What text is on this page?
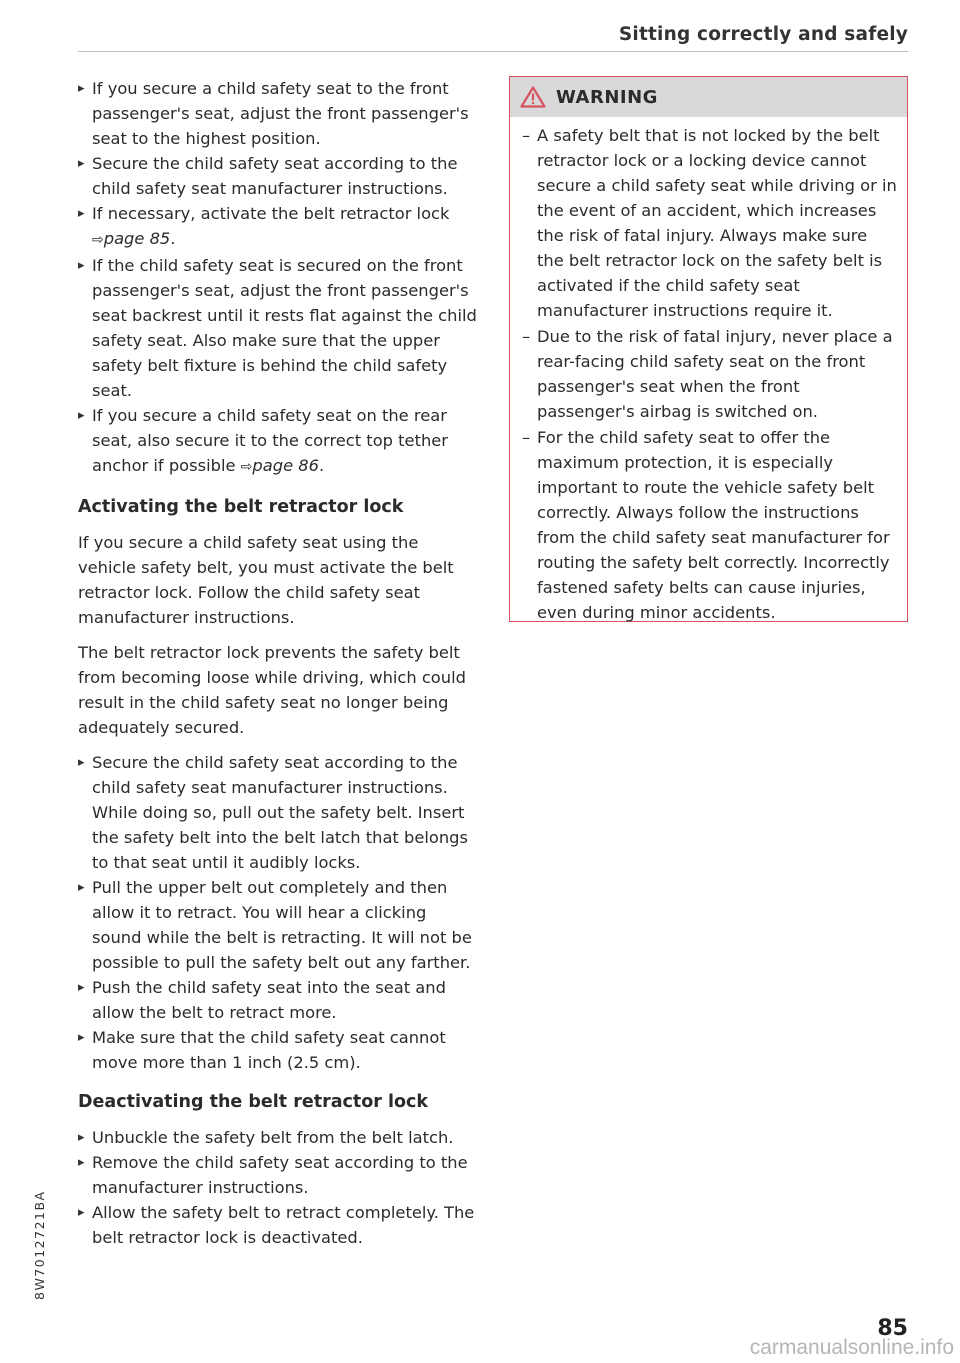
Sitting correctly and safely
▸ If you secure a child safety seat to the front passenger's seat, adjust the front passenger's seat to the highest position.
▸ Secure the child safety seat according to the child safety seat manufacturer instructions.
▸ If necessary, activate the belt retractor lock
⇨page 85.
▸ If the child safety seat is secured on the front passenger's seat, adjust the front passenger's seat backrest until it rests flat against the child safety seat. Also make sure that the upper safety belt fixture is behind the child safety seat.
▸ If you secure a child safety seat on the rear seat, also secure it to the correct top tether anchor if possible ⇨page 86.
Activating the belt retractor lock

If you secure a child safety seat using the vehicle safety belt, you must activate the belt retractor lock. Follow the child safety seat manufacturer instructions.

The belt retractor lock prevents the safety belt from becoming loose while driving, which could result in the child safety seat no longer being adequately secured.

▸ Secure the child safety seat according to the child safety seat manufacturer instructions. While doing so, pull out the safety belt. Insert the safety belt into the belt latch that belongs to that seat until it audibly locks.
▸ Pull the upper belt out completely and then allow it to retract. You will hear a clicking sound while the belt is retracting. It will not be possible to pull the safety belt out any farther.
▸ Push the child safety seat into the seat and allow the belt to retract more.
▸ Make sure that the child safety seat cannot move more than 1 inch (2.5 cm).
Deactivating the belt retractor lock
▸ Unbuckle the safety belt from the belt latch.
▸ Remove the child safety seat according to the manufacturer instructions.
▸ Allow the safety belt to retract completely. The belt retractor lock is deactivated.
WARNING
– A safety belt that is not locked by the belt retractor lock or a locking device cannot secure a child safety seat while driving or in the event of an accident, which increases the risk of fatal injury. Always make sure the belt retractor lock on the safety belt is activated if the child safety seat manufacturer instructions require it.
– Due to the risk of fatal injury, never place a rear-facing child safety seat on the front passenger's seat when the front passenger's airbag is switched on.
– For the child safety seat to offer the maximum protection, it is especially important to route the vehicle safety belt correctly. Always follow the instructions from the child safety seat manufacturer for routing the safety belt correctly. Incorrectly fastened safety belts can cause injuries, even during minor accidents.
8W7012721BA
85
carmanualsonline.info
